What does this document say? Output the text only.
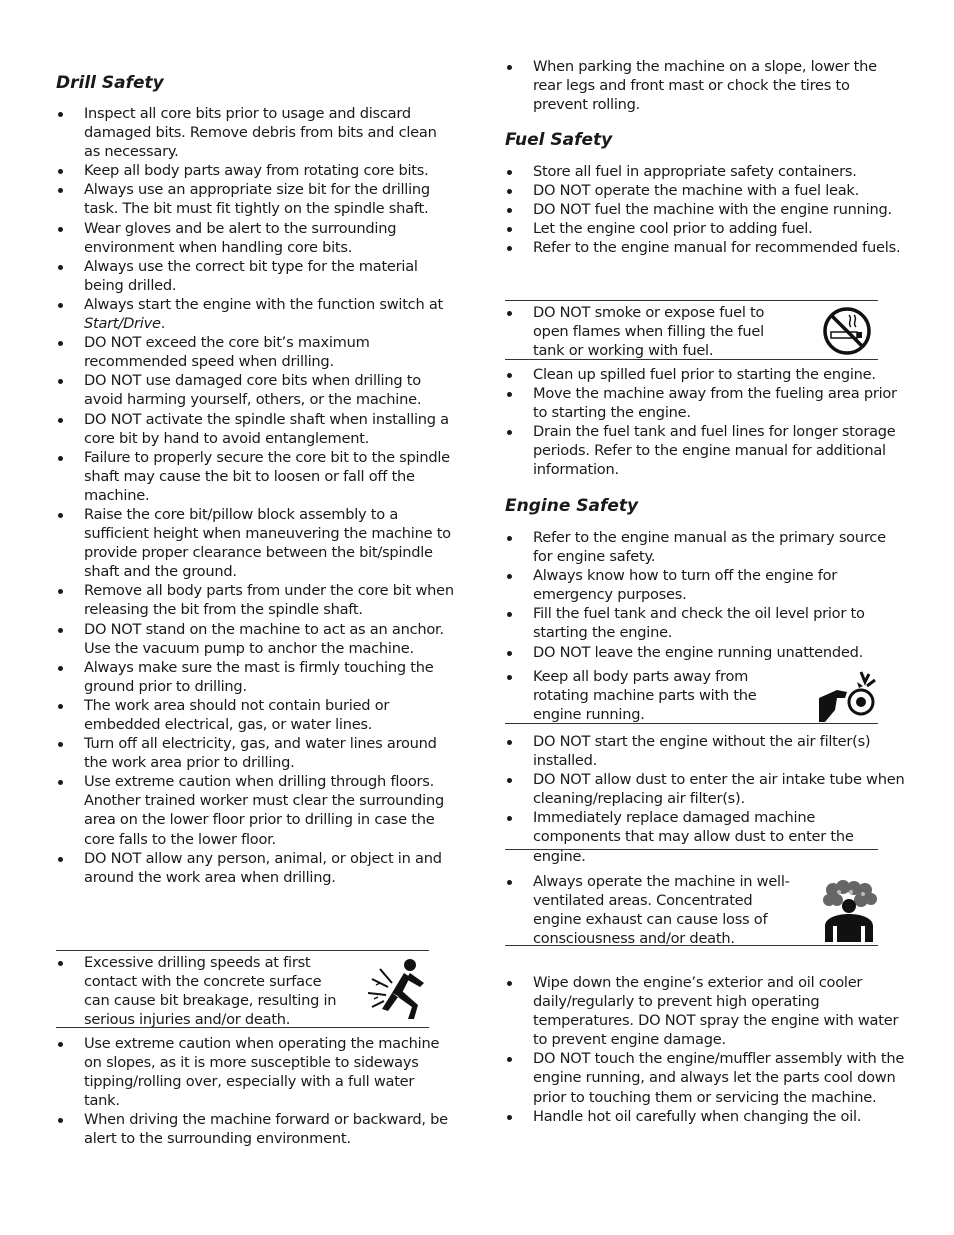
Drill Safety
Inspect all core bits prior to usage and discard damaged bits. Remove debris from bits and clean as necessary.
Keep all body parts away from rotating core bits.
Always use an appropriate size bit for the drilling task. The bit must fit tightly on the spindle shaft.
Wear gloves and be alert to the surrounding environment when handling core bits.
Always use the correct bit type for the material being drilled.
Always start the engine with the function switch at Start/Drive.
DO NOT exceed the core bit’s maximum recommended speed when drilling.
DO NOT use damaged core bits when drilling to avoid harming yourself, others, or the machine.
DO NOT activate the spindle shaft when installing a core bit by hand to avoid entanglement.
Failure to properly secure the core bit to the spindle shaft may cause the bit to loosen or fall off the machine.
Raise the core bit/pillow block assembly to a sufficient height when maneuvering the machine to provide proper clearance between the bit/spindle shaft and the ground.
Remove all body parts from under the core bit when releasing the bit from the spindle shaft.
DO NOT stand on the machine to act as an anchor. Use the vacuum pump to anchor the machine.
Always make sure the mast is firmly touching the ground prior to drilling.
The work area should not contain buried or embedded electrical, gas, or water lines.
Turn off all electricity, gas, and water lines around the work area prior to drilling.
Use extreme caution when drilling through floors. Another trained worker must clear the surrounding area on the lower floor prior to drilling in case the core falls to the lower floor.
DO NOT allow any person, animal, or object in and around the work area when drilling.
Excessive drilling speeds at first contact with the concrete surface can cause bit breakage, resulting in serious injuries and/or death.
Use extreme caution when operating the machine on slopes, as it is more susceptible to sideways tipping/rolling over, especially with a full water tank.
When driving the machine forward or backward, be alert to the surrounding environment.
When parking the machine on a slope, lower the rear legs and front mast or chock the tires to prevent rolling.
Fuel Safety
Store all fuel in appropriate safety containers.
DO NOT operate the machine with a fuel leak.
DO NOT fuel the machine with the engine running.
Let the engine cool prior to adding fuel.
Refer to the engine manual for recommended fuels.
DO NOT smoke or expose fuel to open flames when filling the fuel tank or working with fuel.
Clean up spilled fuel prior to starting the engine.
Move the machine away from the fueling area prior to starting the engine.
Drain the fuel tank and fuel lines for longer storage periods. Refer to the engine manual for additional information.
Engine Safety
Refer to the engine manual as the primary source for engine safety.
Always know how to turn off the engine for emergency purposes.
Fill the fuel tank and check the oil level prior to starting the engine.
DO NOT leave the engine running unattended.
Keep all body parts away from rotating machine parts with the engine running.
DO NOT start the engine without the air filter(s) installed.
DO NOT allow dust to enter the air intake tube when cleaning/replacing air filter(s).
Immediately replace damaged machine components that may allow dust to enter the engine.
Always operate the machine in well-ventilated areas. Concentrated engine exhaust can cause loss of consciousness and/or death.
Wipe down the engine’s exterior and oil cooler daily/regularly to prevent high operating temperatures. DO NOT spray the engine with water to prevent engine damage.
DO NOT touch the engine/muffler assembly with the engine running, and always let the parts cool down prior to touching them or servicing the machine.
Handle hot oil carefully when changing the oil.
